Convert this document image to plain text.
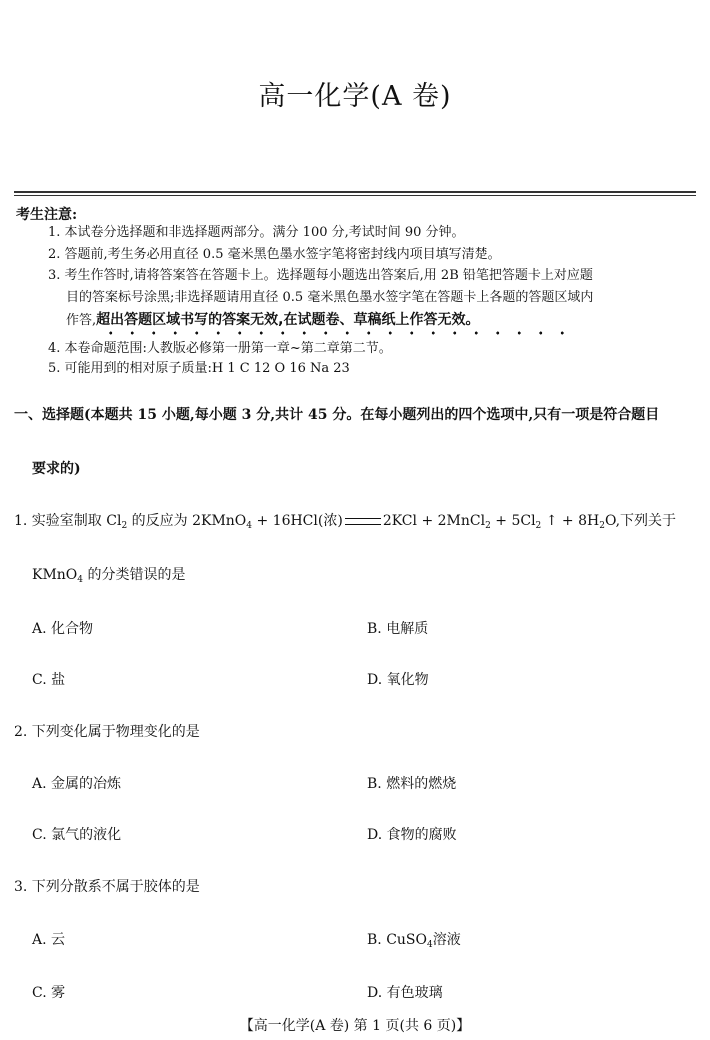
高一化学(A 卷)
考生注意:
1. 本试卷分选择题和非选择题两部分。满分 100 分,考试时间 90 分钟。
2. 答题前,考生务必用直径 0.5 毫米黑色墨水签字笔将密封线内项目填写清楚。
3. 考生作答时,请将答案答在答题卡上。选择题每小题选出答案后,用 2B 铅笔把答题卡上对应题
目的答案标号涂黑;非选择题请用直径 0.5 毫米黑色墨水签字笔在答题卡上各题的答题区域内
作答,超出答题区域书写的答案无效,在试题卷、草稿纸上作答无效。
4. 本卷命题范围:人教版必修第一册第一章~第二章第二节。
5. 可能用到的相对原子质量:H 1 C 12 O 16 Na 23
一、选择题(本题共 15 小题,每小题 3 分,共计 45 分。在每小题列出的四个选项中,只有一项是符合题目
要求的)
1. 实验室制取 $Cl_2$ 的反应为 2KMnO$_4$ + 16HCl(浓)	2KCl + 2MnCl$_2$ + $5Cl_2$ ↑ + $8H_2O$,下列关于
KMnO$_4$ 的分类错误的是
A. 化合物	B. 电解质
C. 盐	D. 氧化物
2. 下列变化属于物理变化的是
A. 金属的冶炼	B. 燃料的燃烧
C. 氯气的液化	D. 食物的腐败
3. 下列分散系不属于胶体的是
A. 云	B. CuSO$_4$溶液
C. 雾	D. 有色玻璃
【高一化学(A 卷) 第 1 页(共 6 页)】
